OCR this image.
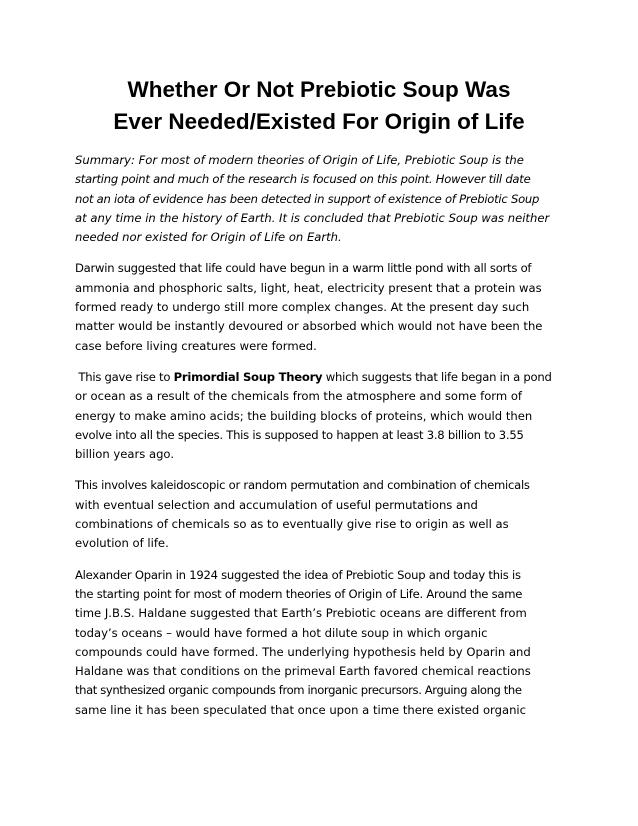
Whether Or Not Prebiotic Soup Was
Ever Needed/Existed For Origin of Life

Summary: For most of modern theories of Origin of Life, Prebiotic Soup is the
starting point and much of the research is focused on this point. However till date
not an iota of evidence has been detected in support of existence of Prebiotic Soup
at any time in the history of Earth. It is concluded that Prebiotic Soup was neither
needed nor existed for Origin of Life on Earth.

Darwin suggested that life could have begun in a warm little pond with all sorts of
ammonia and phosphoric salts, light, heat, electricity present that a protein was
formed ready to undergo still more complex changes. At the present day such
matter would be instantly devoured or absorbed which would not have been the
case before living creatures were formed.

This gave rise to Primordial Soup Theory which suggests that life began in a pond
or ocean as a result of the chemicals from the atmosphere and some form of
energy to make amino acids; the building blocks of proteins, which would then
evolve into all the species. This is supposed to happen at least 3.8 billion to 3.55
billion years ago.

This involves kaleidoscopic or random permutation and combination of chemicals
with eventual selection and accumulation of useful permutations and
combinations of chemicals so as to eventually give rise to origin as well as
evolution of life.

Alexander Oparin in 1924 suggested the idea of Prebiotic Soup and today this is
the starting point for most of modern theories of Origin of Life. Around the same
time J.B.S. Haldane suggested that Earth’s Prebiotic oceans are different from
today’s oceans – would have formed a hot dilute soup in which organic
compounds could have formed. The underlying hypothesis held by Oparin and
Haldane was that conditions on the primeval Earth favored chemical reactions
that synthesized organic compounds from inorganic precursors. Arguing along the
same line it has been speculated that once upon a time there existed organic
